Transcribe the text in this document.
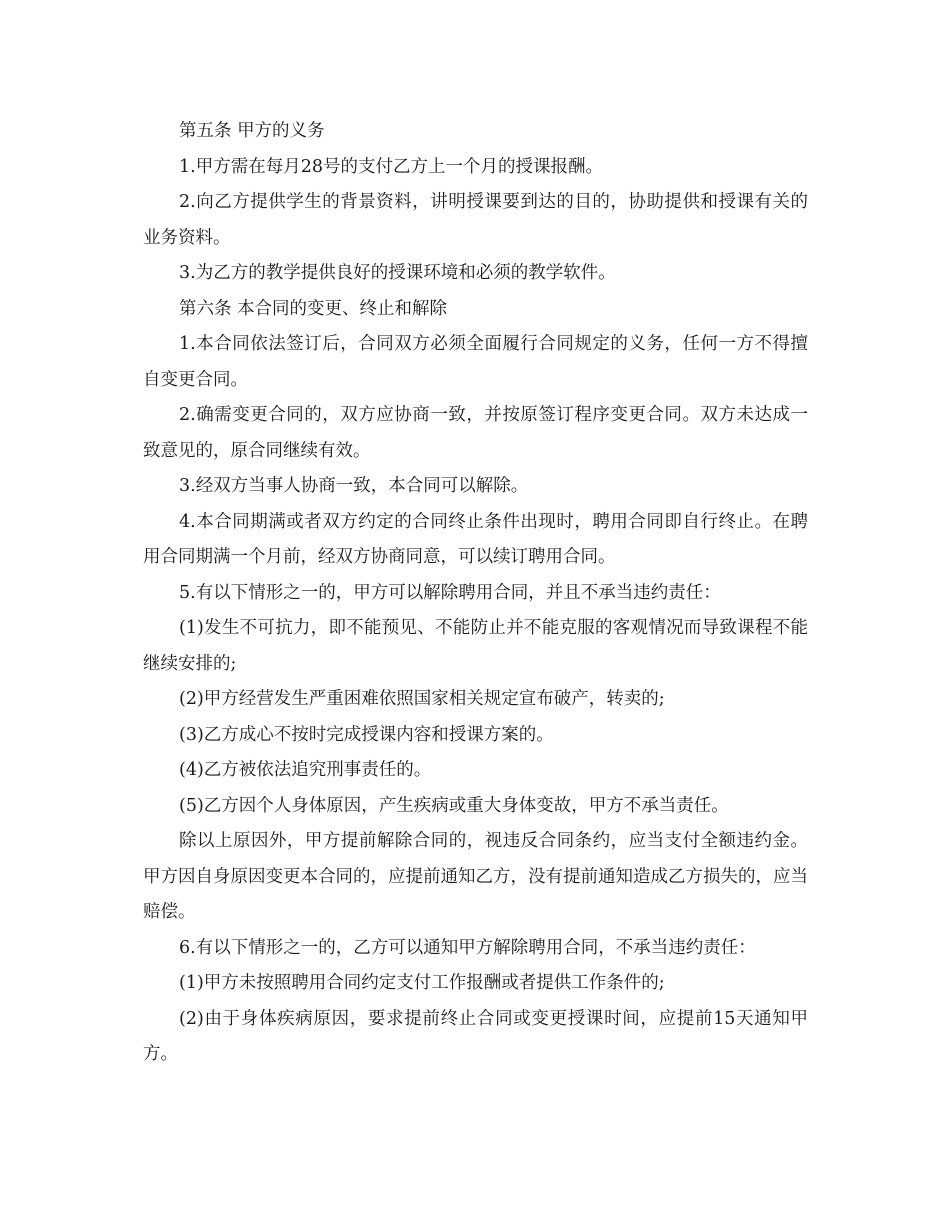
第五条 甲方的义务

1.甲方需在每月28号的支付乙方上一个月的授课报酬。

2.向乙方提供学生的背景资料，讲明授课要到达的目的，协助提供和授课有关的业务资料。

3.为乙方的教学提供良好的授课环境和必须的教学软件。

第六条 本合同的变更、终止和解除

1.本合同依法签订后，合同双方必须全面履行合同规定的义务，任何一方不得擅自变更合同。

2.确需变更合同的，双方应协商一致，并按原签订程序变更合同。双方未达成一致意见的，原合同继续有效。

3.经双方当事人协商一致，本合同可以解除。

4.本合同期满或者双方约定的合同终止条件出现时，聘用合同即自行终止。在聘用合同期满一个月前，经双方协商同意，可以续订聘用合同。

5.有以下情形之一的，甲方可以解除聘用合同，并且不承当违约责任：

(1)发生不可抗力，即不能预见、不能防止并不能克服的客观情况而导致课程不能继续安排的;

(2)甲方经营发生严重困难依照国家相关规定宣布破产，转卖的;

(3)乙方成心不按时完成授课内容和授课方案的。

(4)乙方被依法追究刑事责任的。

(5)乙方因个人身体原因，产生疾病或重大身体变故，甲方不承当责任。

除以上原因外，甲方提前解除合同的，视违反合同条约，应当支付全额违约金。甲方因自身原因变更本合同的，应提前通知乙方，没有提前通知造成乙方损失的，应当赔偿。

6.有以下情形之一的，乙方可以通知甲方解除聘用合同，不承当违约责任：

(1)甲方未按照聘用合同约定支付工作报酬或者提供工作条件的;

(2)由于身体疾病原因，要求提前终止合同或变更授课时间，应提前15天通知甲方。
